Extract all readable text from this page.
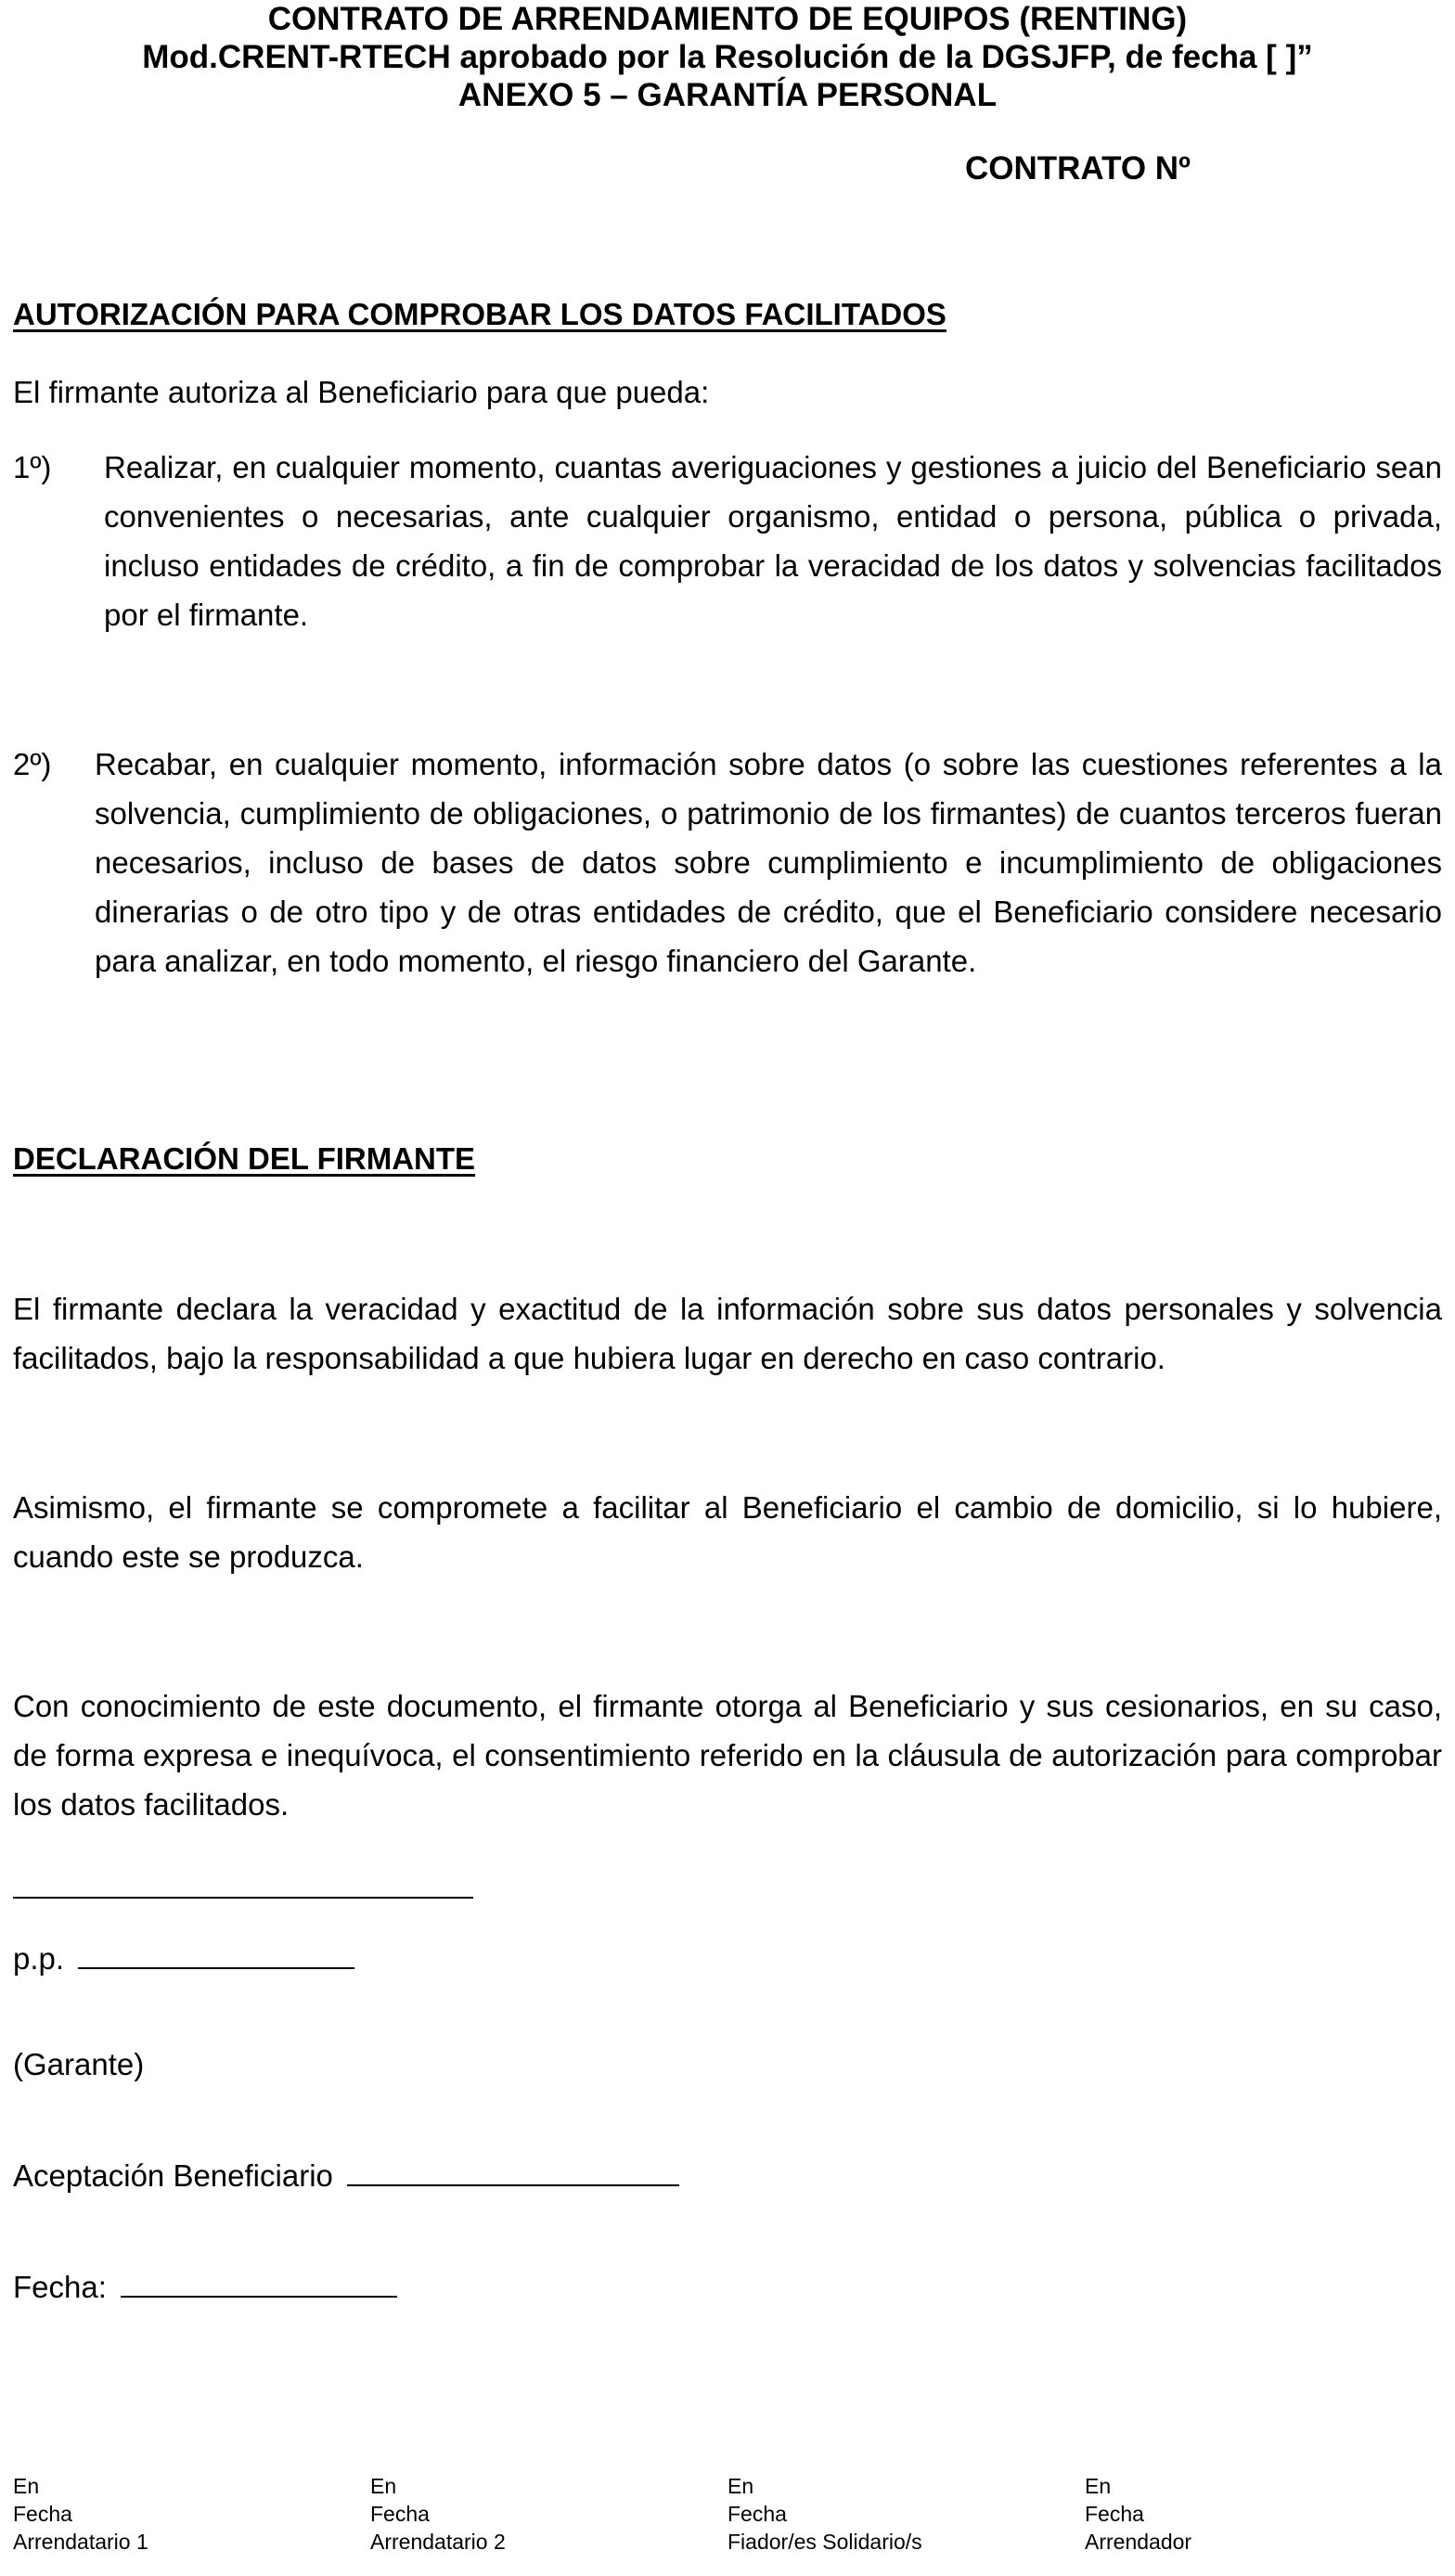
CONTRATO DE ARRENDAMIENTO DE EQUIPOS (RENTING)
Mod.CRENT-RTECH aprobado por la Resolución de la DGSJFP, de fecha [ ]”
ANEXO 5 – GARANTÍA PERSONAL
CONTRATO Nº
AUTORIZACIÓN PARA COMPROBAR LOS DATOS FACILITADOS
El firmante autoriza al Beneficiario para que pueda:
1º) Realizar, en cualquier momento, cuantas averiguaciones y gestiones a juicio del Beneficiario sean convenientes o necesarias, ante cualquier organismo, entidad o persona, pública o privada, incluso entidades de crédito, a fin de comprobar la veracidad de los datos y solvencias facilitados por el firmante.
2º) Recabar, en cualquier momento, información sobre datos (o sobre las cuestiones referentes a la solvencia, cumplimiento de obligaciones, o patrimonio de los firmantes) de cuantos terceros fueran necesarios, incluso de bases de datos sobre cumplimiento e incumplimiento de obligaciones dinerarias o de otro tipo y de otras entidades de crédito, que el Beneficiario considere necesario para analizar, en todo momento, el riesgo financiero del Garante.
DECLARACIÓN DEL FIRMANTE
El firmante declara la veracidad y exactitud de la información sobre sus datos personales y solvencia facilitados, bajo la responsabilidad a que hubiera lugar en derecho en caso contrario.
Asimismo, el firmante se compromete a facilitar al Beneficiario el cambio de domicilio, si lo hubiere, cuando este se produzca.
Con conocimiento de este documento, el firmante otorga al Beneficiario y sus cesionarios, en su caso, de forma expresa e inequívoca, el consentimiento referido en la cláusula de autorización para comprobar los datos facilitados.
p.p.
(Garante)
Aceptación Beneficiario
Fecha:
En
Fecha
Arrendatario 1
En
Fecha
Arrendatario 2
En
Fecha
Fiador/es Solidario/s
En
Fecha
Arrendador
